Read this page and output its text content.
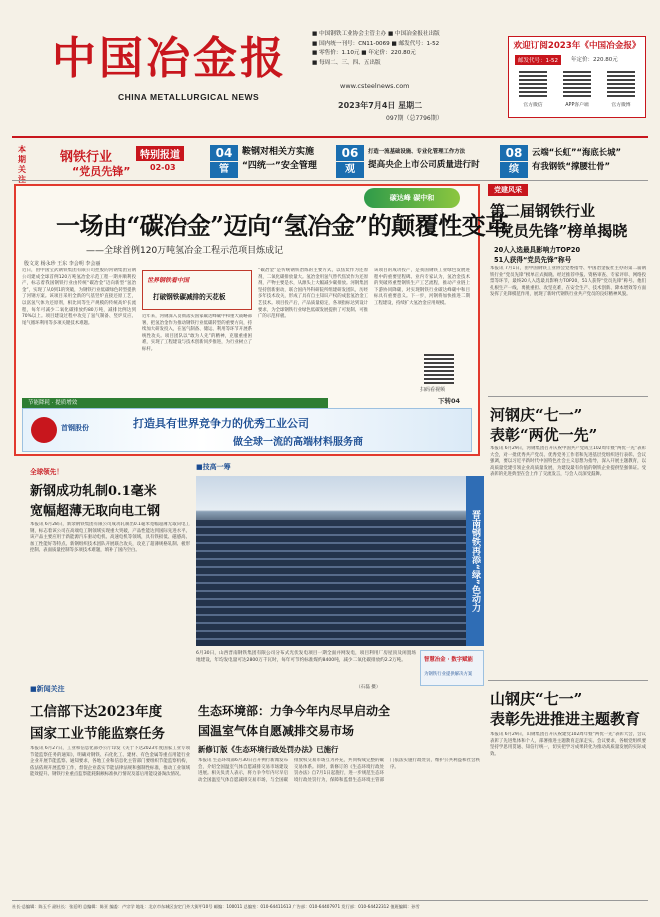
中国冶金报
CHINA METALLURGICAL NEWS
■ 中国钢铁工业协会主管主办 ■ 中国冶金报社出版
■ 国内统一刊号：CN11-0069 ■ 邮发代号：1-52
■ 零售价：1.10元 ■ 年定价：220.80元
■ 每周二、三、四、五出版
www.csteelnews.com
2023年7月4日 星期二
097期（总7796期）
欢迎订阅2023年《中国冶金报》
邮发代号：1-52	年定价：220.80元
官方微信	APP客户端	官方微博
本期关
钢铁行业	特别报道
02-03
“党员先锋”
04
管
鞍钢对相关方实施
“四统一”安全管理
06
观
打造一流基础设施、专业化管理工作方法
提高央企上市公司质量进行时
08
缤
云端“长虹”“海底长城”
有我钢铁“撑腰壮骨”
碳达峰 碳中和
一场由“碳冶金”迈向“氢冶金”的颠覆性变革
——全球首例120万吨氢冶金工程示范项目炼成记
殷文龙 杨永珍 王东 李会明 李会丽
近日，由中国宝武钢铁集团有限公司控股的河钢集团宣钢公司建成全球首例120万吨氢冶金示范工程一期并顺利投产，标志着我国钢铁行业由传统“碳冶金”迈向新型“氢冶金”，实现了从0到1的突破，为钢铁行业低碳绿色转型提供了河钢方案。该项目采用全新的气基竖炉直接还原工艺，以富氢气体为还原剂，相比同等生产规模的传统高炉长流程，每年可减少二氧化碳排放约80万吨，减排比例达到70%以上。项目建设过程中攻克了氢气制备、竖炉反应、尾气循环利用等多项关键技术难题。
世界钢铁看中国
打破钢铁碳减排的天花板
近年来，河钢深入贯彻落实国家碳达峰碳中和重大战略部署，把氢冶金作为推动钢铁行业低碳转型的重要方向，持续加大研发投入，在氢气制备、储运、利用等环节开展系统性攻关。项目团队以“敢为人先”的精神，克服重重困难，实现了工程建设与技术创新同步推进，为行业树立了标杆。
“碳冶金”是传统钢铁冶炼的主要方式，以焦炭作为还原剂，二氧化碳排放量大。氢冶金用氢气替代焦炭作为还原剂，产物主要是水，从源头上大幅减少碳排放。河钢集团坚持创新驱动，联合国内外科研院所组建研发团队，历经多年技术攻关，形成了具有自主知识产权的成套氢冶金工艺技术。项目投产后，产品质量稳定，各项指标达到设计要求，为全球钢铁行业绿色低碳发展提供了可复制、可推广的示范样板。
该项目的成功投产，是我国钢铁工业绿色发展进程中的重要里程碑。业内专家认为，氢冶金技术的突破将重塑钢铁生产工艺流程，推动产业链上下游协同降碳，对实现钢铁行业碳达峰碳中和目标具有重要意义。下一步，河钢将加快推进二期工程建设，持续扩大氢冶金应用规模。
扫码看视频
下转04
节能降耗 · 提质增效
首钢股份	打造具有世界竞争力的优秀工业公司
做全球一流的高端材料服务商
党建风采
第二届钢铁行业
“党员先锋”榜单揭晓
20人入选最具影响力TOP20
51人获得“党员先锋”称号
本报讯 7月1日，由中国钢铁工业协会党委指导、中国冶金报社主办的第二届钢铁行业“党员先锋”榜单正式揭晓。经过推荐申报、资格审查、专家评审、网络投票等环节，最终20人入选最具影响力TOP20，51人获得“党员先锋”称号。他们扎根生产一线，勇挑重担、攻坚克难，在安全生产、技术创新、降本增效等方面发挥了先锋模范作用，展现了新时代钢铁行业共产党员的良好精神风貌。
河钢庆“七一”
表彰“两优一先”
本报讯 6月29日，河钢集团召开庆祝中国共产党成立102周年暨“两优一先”表彰大会，对一批优秀共产党员、优秀党务工作者和先进基层党组织进行表彰。会议强调，要以习近平新时代中国特色社会主义思想为指导，深入开展主题教育，以高质量党建引领企业高质量发展，为建设最有价值的钢铁企业提供坚强保证。受表彰的先进典型在会上作了交流发言，与会人员深受鼓舞。
山钢庆“七一”
表彰先进推进主题教育
本报讯 6月29日，山钢集团召开庆祝建党102周年暨“两优一先”表彰大会，会议表彰了先进集体和个人，部署推进主题教育走深走实。会议要求，各级党组织要坚持学思用贯通、知信行统一，切实把学习成果转化为推动高质量发展的实际成效。
■技高一筹
全球领先！
新钢成功轧制0.1毫米
宽幅超薄无取向电工钢
本报讯 6月28日，新余钢铁集团有限公司成功轧制出0.1毫米宽幅超薄无取向电工钢，标志着该公司在高端电工钢领域实现重大突破，产品性能达到国际先进水平。该产品主要应用于新能源汽车驱动电机、高速电机等领域，具有铁损低、磁感高、加工性能好等特点。新钢组织技术团队开展联合攻关，攻克了超薄规格轧制、板形控制、表面质量控制等多项技术难题，填补了国内空白。	晋南钢铁再添“绿”色动力
6月30日，山西晋南钢铁集团有限公司分布式光伏发电项目一期全面并网发电，项目利用厂房屋顶及闲置场地建设，年均发电量可达2800万千瓦时，每年可节约标准煤约8400吨，减少二氧化碳排放约2.2万吨。
（石磊 摄）
智慧冶金 · 数字赋能
为钢铁行业提供解决方案
■新闻关注
工信部下达2023年度
国家工业节能监察任务
本报讯 6月27日，工业和信息化部办公厅印发《关于下达2023年度国家工业专项节能监察任务的通知》，明确对钢铁、石化化工、建材、有色金属等重点用能行业企业开展节能监察。通知要求，各地工业和信息化主管部门要组织节能监察机构，依法依规开展监察工作，督促企业落实节能法律法规和强制性标准，推动工业领域能效提升。钢铁行业重点监察能耗限额标准执行情况及落后用能设备淘汰情况。
生态环境部：力争今年内尽早启动全
国温室气体自愿减排交易市场
新修订版《生态环境行政处罚办法》已施行
本报讯 生态环境部6月30日召开例行新闻发布会，介绍全国温室气体自愿减排交易市场建设进展。相关负责人表示，将力争今年内尽早启动全国温室气体自愿减排交易市场，与全国碳排放权交易市场互为补充，共同构成完整的碳交易体系。同时，新修订的《生态环境行政处罚办法》自7月1日起施行，进一步规范生态环境行政处罚行为，保障和监督生态环境主管部门依法实施行政处罚，维护公共利益和社会秩序。
社长·总编辑：陈玉千 副社长：张廷明 总编辑：陈亚 编委：卢宗学 地址：北京市东城区安定门外大街甲10号 邮编：100011 总编室：010-64411613 广告部：010-64407971 发行部：010-64422312 值班编辑：孙雪
